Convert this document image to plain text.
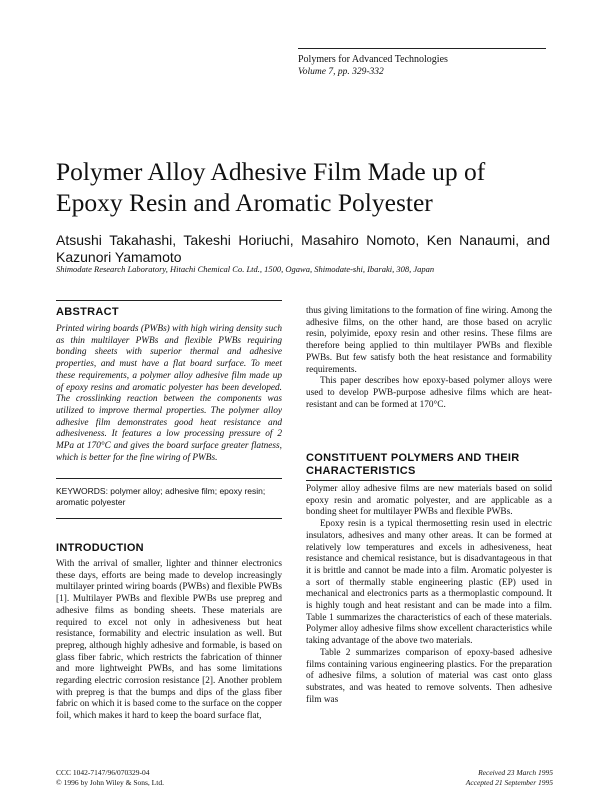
Polymers for Advanced Technologies
Volume 7, pp. 329-332
Polymer Alloy Adhesive Film Made up of Epoxy Resin and Aromatic Polyester
Atsushi Takahashi, Takeshi Horiuchi, Masahiro Nomoto, Ken Nanaumi, and Kazunori Yamamoto
Shimodate Research Laboratory, Hitachi Chemical Co. Ltd., 1500, Ogawa, Shimodate-shi, Ibaraki, 308, Japan
ABSTRACT

Printed wiring boards (PWBs) with high wiring density such as thin multilayer PWBs and flexible PWBs requiring bonding sheets with superior thermal and adhesive properties, and must have a flat board surface. To meet these requirements, a polymer alloy adhesive film made up of epoxy resins and aromatic polyester has been developed. The crosslinking reaction between the components was utilized to improve thermal properties. The polymer alloy adhesive film demonstrates good heat resistance and adhesiveness. It features a low processing pressure of 2 MPa at 170°C and gives the board surface greater flatness, which is better for the fine wiring of PWBs.

KEYWORDS: polymer alloy; adhesive film; epoxy resin; aromatic polyester
INTRODUCTION

With the arrival of smaller, lighter and thinner electronics these days, efforts are being made to develop increasingly multilayer printed wiring boards (PWBs) and flexible PWBs [1]. Multilayer PWBs and flexible PWBs use prepreg and adhesive films as bonding sheets. These materials are required to excel not only in adhesiveness but heat resistance, formability and electric insulation as well. But prepreg, although highly adhesive and formable, is based on glass fiber fabric, which restricts the fabrication of thinner and more lightweight PWBs, and has some limitations regarding electric corrosion resistance [2]. Another problem with prepreg is that the bumps and dips of the glass fiber fabric on which it is based come to the surface on the copper foil, which makes it hard to keep the board surface flat,

thus giving limitations to the formation of fine wiring. Among the adhesive films, on the other hand, are those based on acrylic resin, polyimide, epoxy resin and other resins. These films are therefore being applied to thin multilayer PWBs and flexible PWBs. But few satisfy both the heat resistance and formability requirements.

This paper describes how epoxy-based polymer alloys were used to develop PWB-purpose adhesive films which are heat-resistant and can be formed at 170°C.

CONSTITUENT POLYMERS AND THEIR CHARACTERISTICS

Polymer alloy adhesive films are new materials based on solid epoxy resin and aromatic polyester, and are applicable as a bonding sheet for multilayer PWBs and flexible PWBs.

Epoxy resin is a typical thermosetting resin used in electric insulators, adhesives and many other areas. It can be formed at relatively low temperatures and excels in adhesiveness, heat resistance and chemical resistance, but is disadvantageous in that it is brittle and cannot be made into a film. Aromatic polyester is a sort of thermally stable engineering plastic (EP) used in mechanical and electronics parts as a thermoplastic compound. It is highly tough and heat resistant and can be made into a film. Table 1 summarizes the characteristics of each of these materials. Polymer alloy adhesive films show excellent characteristics while taking advantage of the above two materials.

Table 2 summarizes comparison of epoxy-based adhesive films containing various engineering plastics. For the preparation of adhesive films, a solution of material was cast onto glass substrates, and was heated to remove solvents. Then adhesive film was

CCC 1042-7147/96/070329-04
© 1996 by John Wiley & Sons, Ltd.
Received 23 March 1995
Accepted 21 September 1995
